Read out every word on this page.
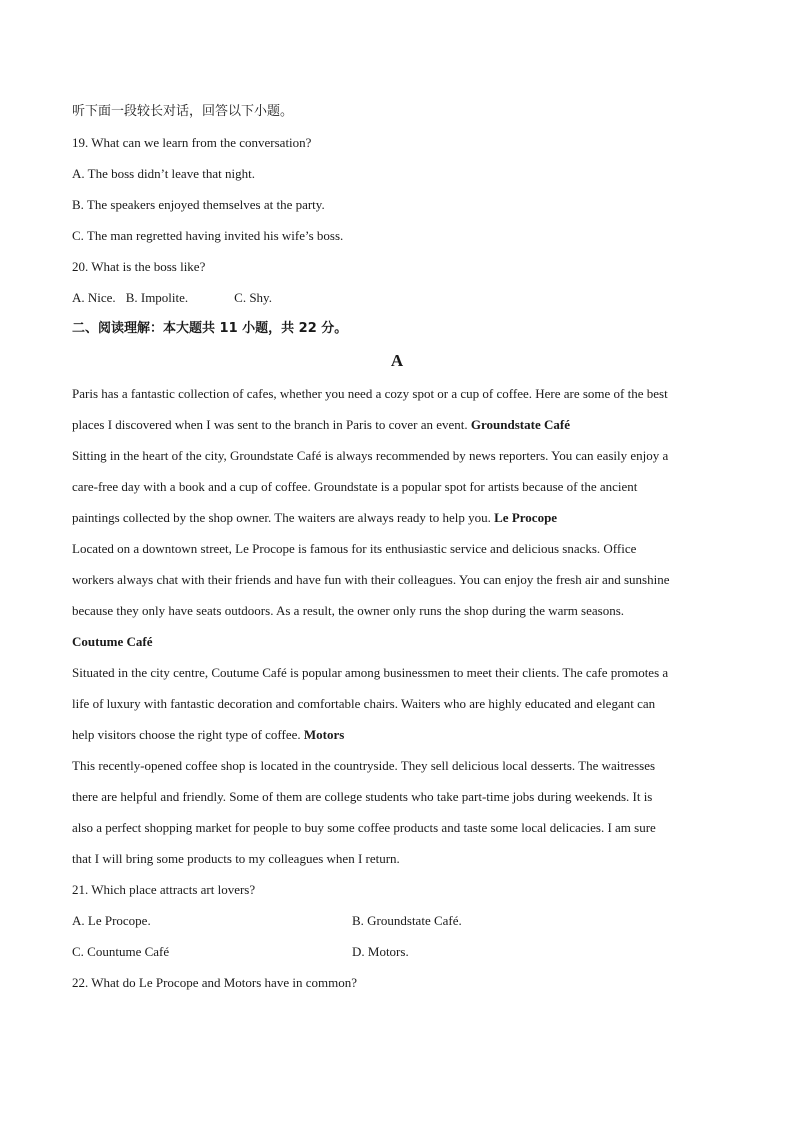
听下面一段较长对话，回答以下小题。
19. What can we learn from the conversation?
A. The boss didn’t leave that night.
B. The speakers enjoyed themselves at the party.
C. The man regretted having invited his wife’s boss.
20. What is the boss like?
A. Nice. B. Impolite.	C. Shy.
二、阅读理解：本大题共 11 小题，共 22 分。
A
Paris has a fantastic collection of cafes, whether you need a cozy spot or a cup of coffee. Here are some of the best
places I discovered when I was sent to the branch in Paris to cover an event. Groundstate Café
Sitting in the heart of the city, Groundstate Café is always recommended by news reporters. You can easily enjoy a
care-free day with a book and a cup of coffee. Groundstate is a popular spot for artists because of the ancient
paintings collected by the shop owner. The waiters are always ready to help you. Le Procope
Located on a downtown street, Le Procope is famous for its enthusiastic service and delicious snacks. Office
workers always chat with their friends and have fun with their colleagues. You can enjoy the fresh air and sunshine
because they only have seats outdoors. As a result, the owner only runs the shop during the warm seasons.
Coutume Café
Situated in the city centre, Coutume Café is popular among businessmen to meet their clients. The cafe promotes a
life of luxury with fantastic decoration and comfortable chairs. Waiters who are highly educated and elegant can
help visitors choose the right type of coffee. Motors
This recently-opened coffee shop is located in the countryside. They sell delicious local desserts. The waitresses
there are helpful and friendly. Some of them are college students who take part-time jobs during weekends. It is
also a perfect shopping market for people to buy some coffee products and taste some local delicacies. I am sure
that I will bring some products to my colleagues when I return.
21. Which place attracts art lovers?
A. Le Procope.	B. Groundstate Café.
C. Countume Café	D. Motors.
22. What do Le Procope and Motors have in common?
